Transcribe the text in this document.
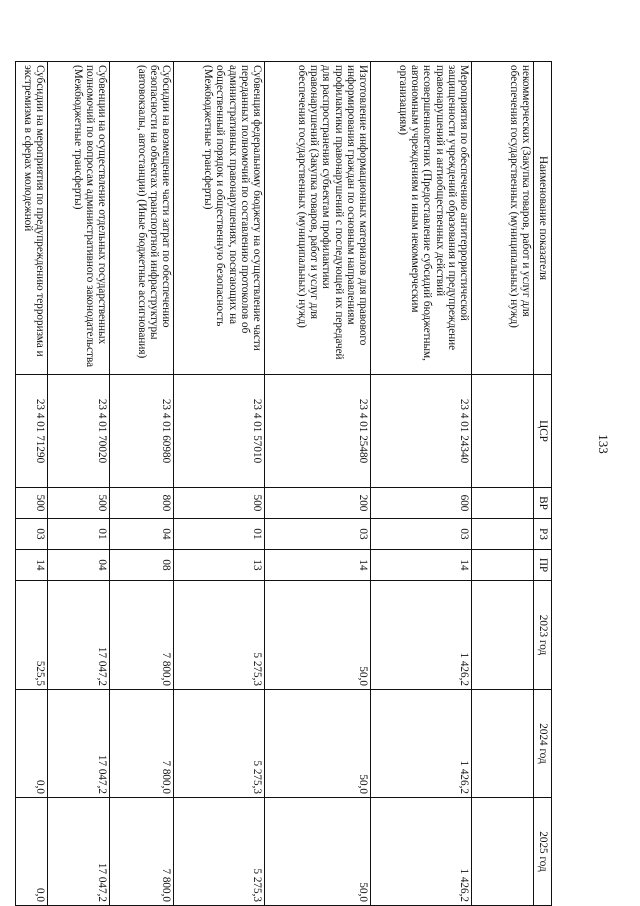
133
Наименование показателя	ЦСР	ВР	РЗ	ПР	2023 год	2024 год	2025 год
некоммерческих (Закупка товаров, работ и услуг для обеспечения государственных (муниципальных) нужд)							
Мероприятия по обеспечению антитеррористической защищенности учреждений образования и предупреждение правонарушений и антиобщественных действий несовершеннолетних (Предоставление субсидий бюджетным, автономным учреждениям и иным некоммерческим организациям)	23 4 01 24340	600	03	14	1 426,2	1 426,2	1 426,2
Изготовление информационных материалов для правового информирования граждан по основным направлениям профилактики правонарушений с последующей их передачей для распространения субъектам профилактики правонарушений (Закупка товаров, работ и услуг для обеспечения государственных (муниципальных) нужд)	23 4 01 25480	200	03	14	50,0	50,0	50,0
Субвенция федеральному бюджету на осуществление части переданных полномочий по составлению протоколов об административных правонарушениях, посягающих на общественный порядок и общественную безопасность (Межбюджетные трансферты)	23 4 01 57010	500	01	13	5 275,3	5 275,3	5 275,3
Субсидии на возмещение части затрат по обеспечению безопасности на объектах транспортной инфраструктуры (автовокзалы, автостанции) (Иные бюджетные ассигнования)	23 4 01 60980	800	04	08	7 800,0	7 800,0	7 800,0
Субвенции на осуществление отдельных государственных полномочий по вопросам административного законодательства (Межбюджетные трансферты)	23 4 01 70020	500	01	04	17 047,2	17 047,2	17 047,2
Субсидии на мероприятия по предупреждению терроризма и экстремизма в сферах молодежной	23 4 01 71290	500	03	14	525,5	0,0	0,0
